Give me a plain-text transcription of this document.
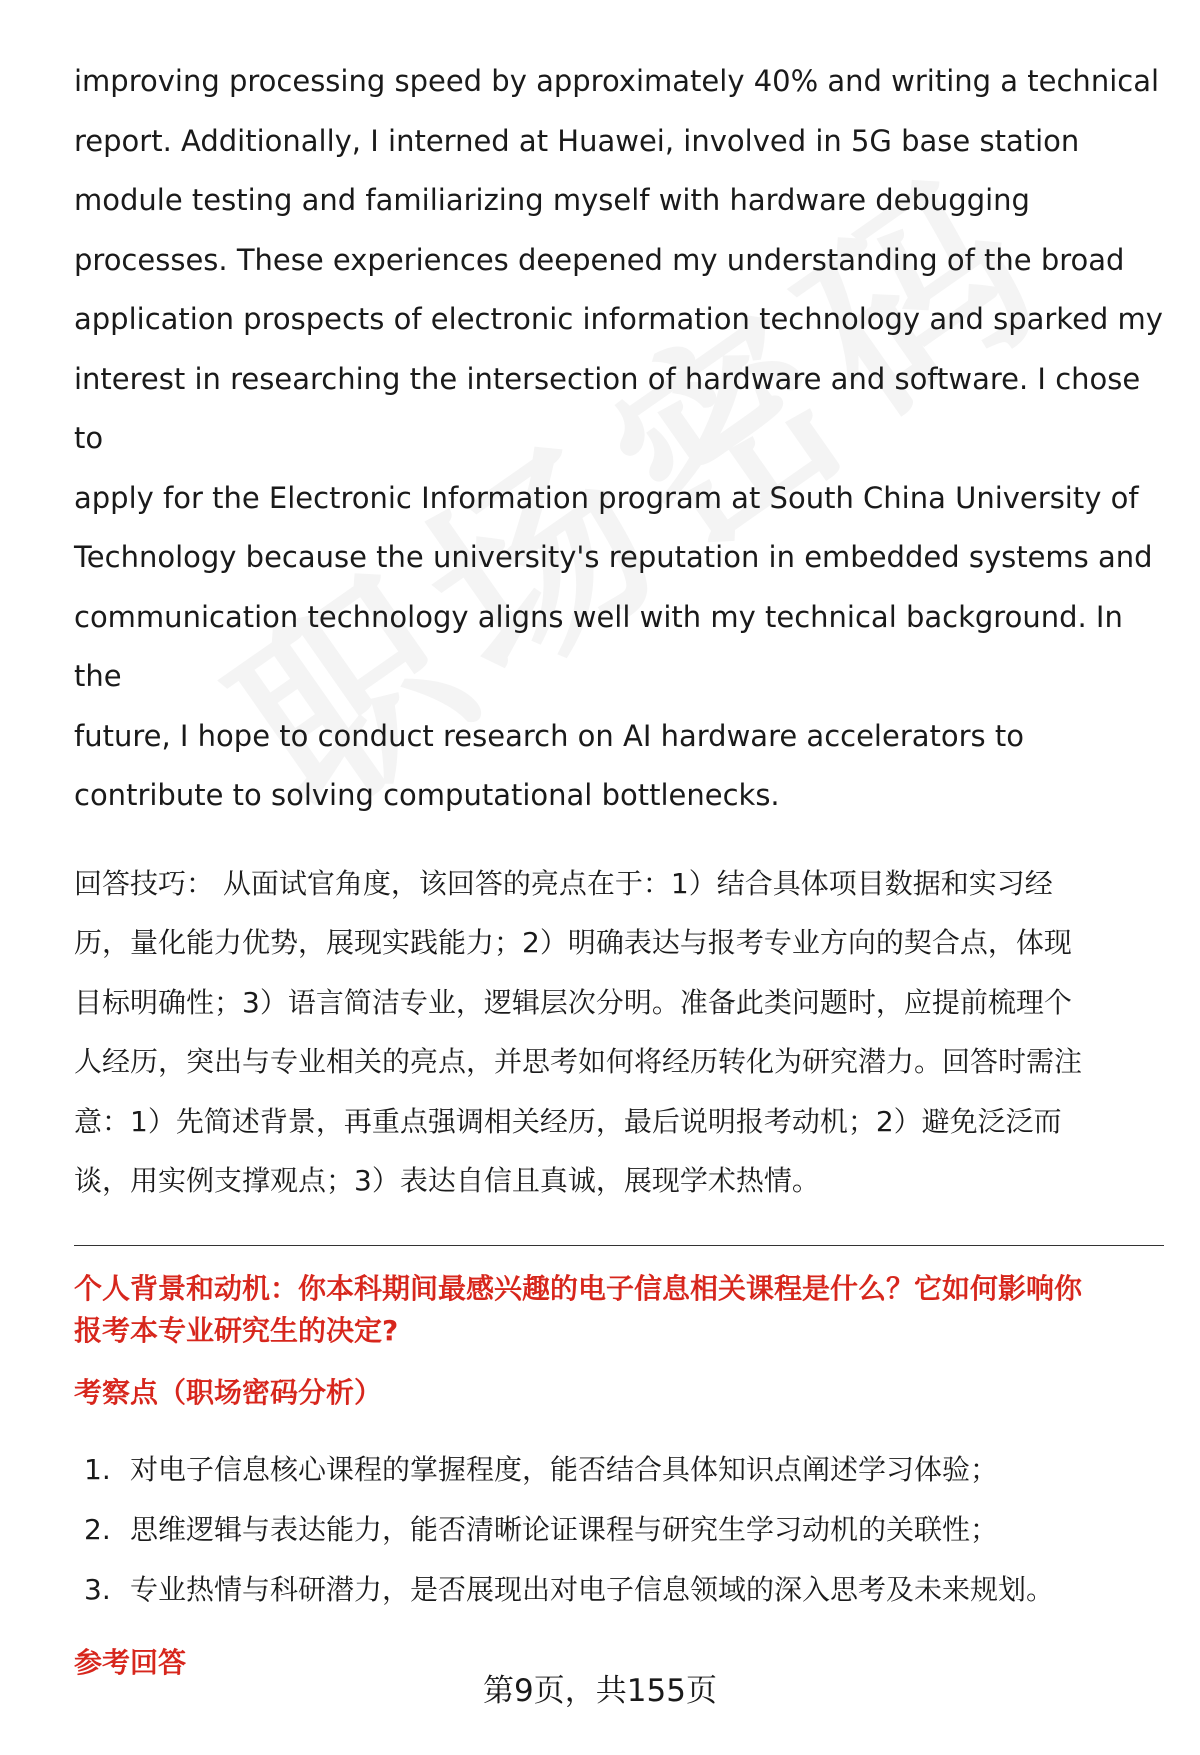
improving processing speed by approximately 40% and writing a technical
report. Additionally, I interned at Huawei, involved in 5G base station
module testing and familiarizing myself with hardware debugging
processes. These experiences deepened my understanding of the broad
application prospects of electronic information technology and sparked my
interest in researching the intersection of hardware and software. I chose to
apply for the Electronic Information program at South China University of
Technology because the university's reputation in embedded systems and
communication technology aligns well with my technical background. In the
future, I hope to conduct research on AI hardware accelerators to
contribute to solving computational bottlenecks.
回答技巧： 从面试官角度，该回答的亮点在于：1）结合具体项目数据和实习经
历，量化能力优势，展现实践能力；2）明确表达与报考专业方向的契合点，体现
目标明确性；3）语言简洁专业，逻辑层次分明。准备此类问题时，应提前梳理个
人经历，突出与专业相关的亮点，并思考如何将经历转化为研究潜力。回答时需注
意：1）先简述背景，再重点强调相关经历，最后说明报考动机；2）避免泛泛而
谈，用实例支撑观点；3）表达自信且真诚，展现学术热情。
个人背景和动机：你本科期间最感兴趣的电子信息相关课程是什么？它如何影响你
报考本专业研究生的决定?
考察点（职场密码分析）
1. 对电子信息核心课程的掌握程度，能否结合具体知识点阐述学习体验；
2. 思维逻辑与表达能力，能否清晰论证课程与研究生学习动机的关联性；
3. 专业热情与科研潜力，是否展现出对电子信息领域的深入思考及未来规划。
参考回答
第9页，共155页
